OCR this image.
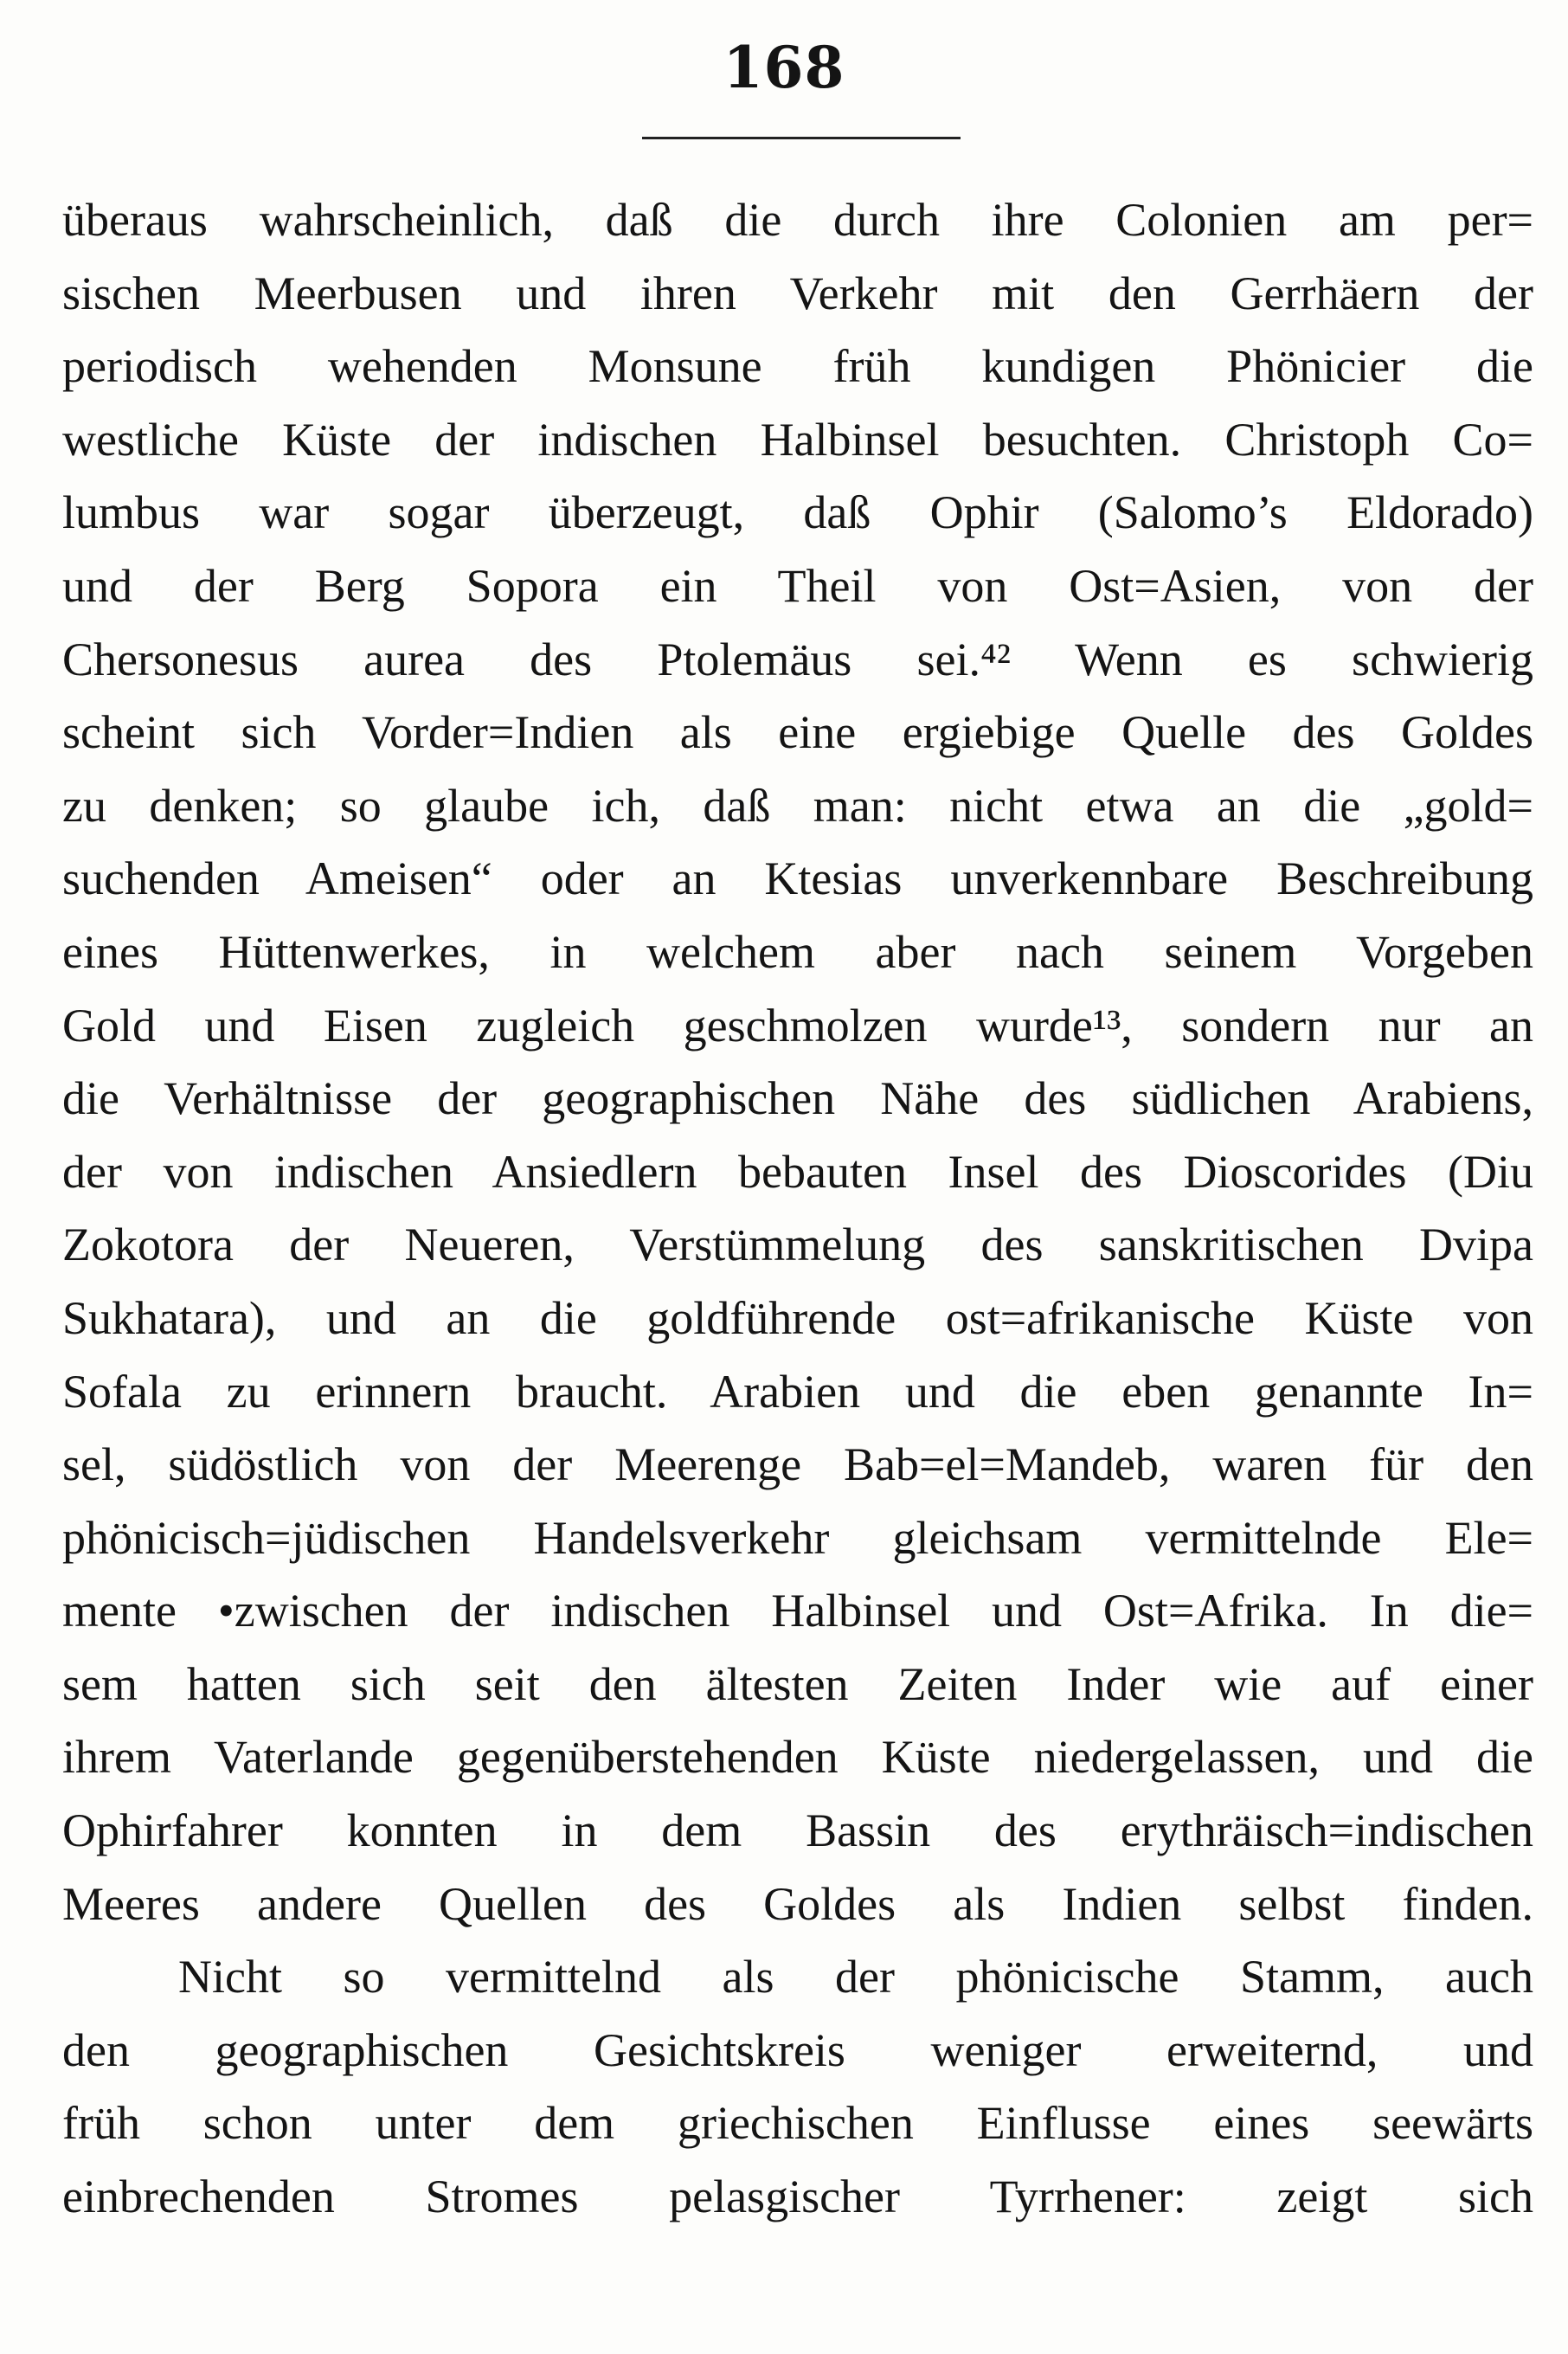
168
überaus wahrscheinlich, daß die durch ihre Colonien am per=
sischen Meerbusen und ihren Verkehr mit den Gerrhäern der
periodisch wehenden Monsune früh kundigen Phönicier die
westliche Küste der indischen Halbinsel besuchten. Christoph Co=
lumbus war sogar überzeugt, daß Ophir (Salomo’s Eldorado)
und der Berg Sopora ein Theil von Ost=Asien, von der
Chersonesus aurea des Ptolemäus sei.⁴² Wenn es schwierig
scheint sich Vorder=Indien als eine ergiebige Quelle des Goldes
zu denken; so glaube ich, daß man: nicht etwa an die „gold=
suchenden Ameisen“ oder an Ktesias unverkennbare Beschreibung
eines Hüttenwerkes, in welchem aber nach seinem Vorgeben
Gold und Eisen zugleich geschmolzen wurde¹³, sondern nur an
die Verhältnisse der geographischen Nähe des südlichen Arabiens,
der von indischen Ansiedlern bebauten Insel des Dioscorides (Diu
Zokotora der Neueren, Verstümmelung des sanskritischen Dvipa
Sukhatara), und an die goldführende ost=afrikanische Küste von
Sofala zu erinnern braucht. Arabien und die eben genannte In=
sel, südöstlich von der Meerenge Bab=el=Mandeb, waren für den
phönicisch=jüdischen Handelsverkehr gleichsam vermittelnde Ele=
mente •zwischen der indischen Halbinsel und Ost=Afrika. In die=
sem hatten sich seit den ältesten Zeiten Inder wie auf einer
ihrem Vaterlande gegenüberstehenden Küste niedergelassen, und die
Ophirfahrer konnten in dem Bassin des erythräisch=indischen
Meeres andere Quellen des Goldes als Indien selbst finden.
Nicht so vermittelnd als der phönicische Stamm, auch
den geographischen Gesichtskreis weniger erweiternd, und
früh schon unter dem griechischen Einflusse eines seewärts
einbrechenden Stromes pelasgischer Tyrrhener: zeigt sich
